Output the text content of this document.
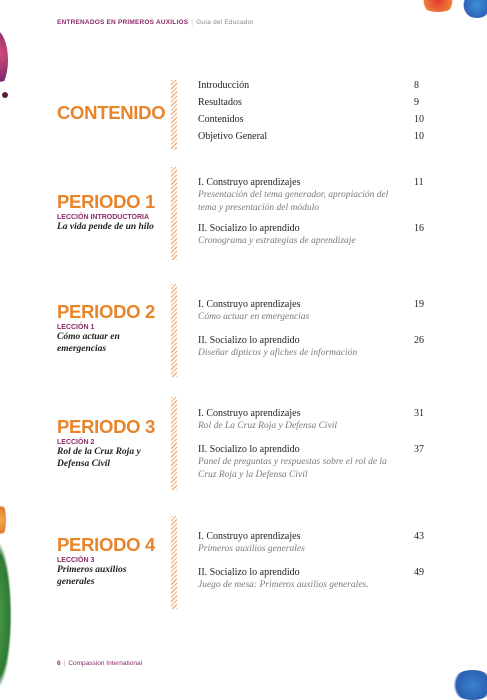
ENTRENADOS EN PRIMEROS AUXILIOS | Guía del Educador
CONTENIDO
Introducción	8
Resultados	9
Contenidos	10
Objetivo General	10
PERIODO 1
LECCIÓN INTRODUCTORIA
La vida pende de un hilo
I. Construyo aprendizajes	11
Presentación del tema generador, apropiación del tema y presentación del módulo
II. Socializo lo aprendido	16
Cronograma y estrategias de aprendizaje
PERIODO 2
LECCIÓN 1
Cómo actuar en emergencias
I. Construyo aprendizajes	19
Cómo actuar en emergencias
II. Socializo lo aprendido	26
Diseñar dípticos y afiches de información
PERIODO 3
LECCIÓN 2
Rol de la Cruz Roja y Defensa Civil
I. Construyo aprendizajes	31
Rol de La Cruz Roja y Defensa Civil
II. Socializo lo aprendido	37
Panel de preguntas y respuestas sobre el rol de la Cruz Roja y la Defensa Civil
PERIODO 4
LECCIÓN 3
Primeros auxilios generales
I. Construyo aprendizajes	43
Primeros auxilios generales
II. Socializo lo aprendido	49
Juego de mesa: Primeros auxilios generales.
6 | Compassion International
